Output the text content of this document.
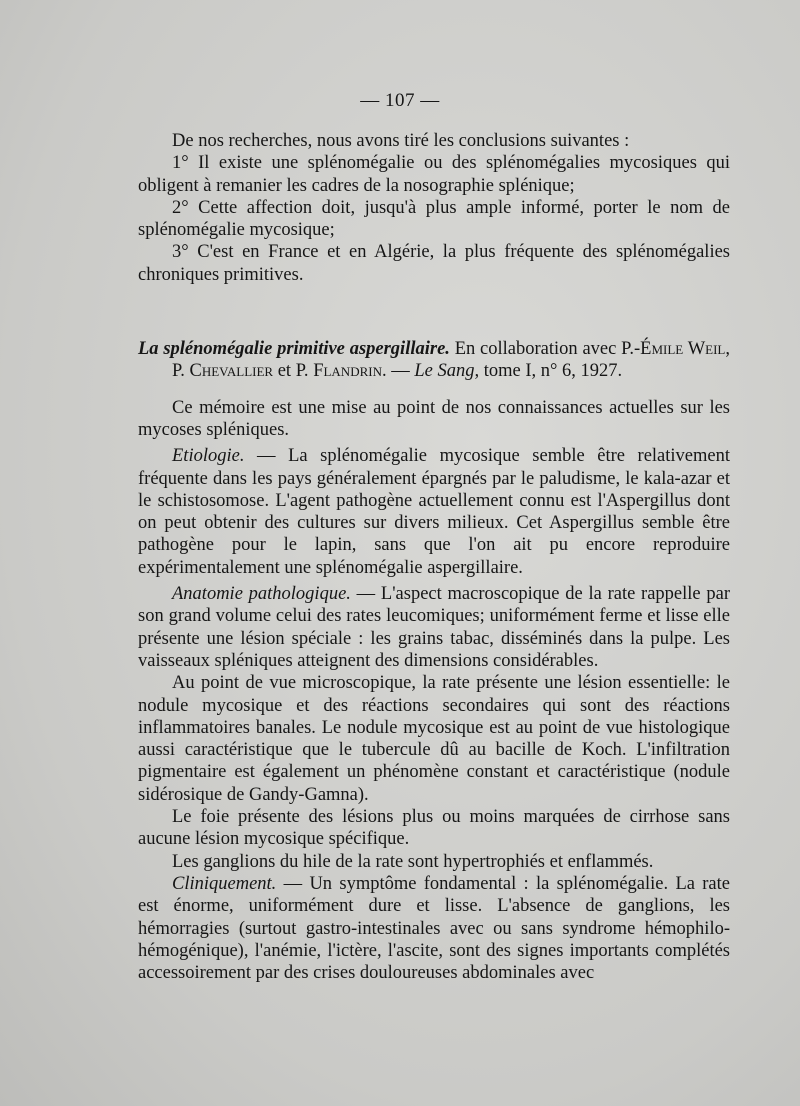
— 107 —

De nos recherches, nous avons tiré les conclusions suivantes :

1° Il existe une splénomégalie ou des splénomégalies mycosiques qui obligent à remanier les cadres de la nosographie splénique;

2° Cette affection doit, jusqu'à plus ample informé, porter le nom de splénomégalie mycosique;

3° C'est en France et en Algérie, la plus fréquente des splénomégalies chroniques primitives.

La splénomégalie primitive aspergillaire. En collaboration avec P.-Émile Weil, P. Chevallier et P. Flandrin. — Le Sang, tome I, n° 6, 1927.

Ce mémoire est une mise au point de nos connaissances actuelles sur les mycoses spléniques.

Etiologie. — La splénomégalie mycosique semble être relativement fréquente dans les pays généralement épargnés par le paludisme, le kala-azar et le schistosomose. L'agent pathogène actuellement connu est l'Aspergillus dont on peut obtenir des cultures sur divers milieux. Cet Aspergillus semble être pathogène pour le lapin, sans que l'on ait pu encore reproduire expérimentalement une splénomégalie aspergillaire.

Anatomie pathologique. — L'aspect macroscopique de la rate rappelle par son grand volume celui des rates leucomiques; uniformément ferme et lisse elle présente une lésion spéciale : les grains tabac, disséminés dans la pulpe. Les vaisseaux spléniques atteignent des dimensions considérables.

Au point de vue microscopique, la rate présente une lésion essentielle: le nodule mycosique et des réactions secondaires qui sont des réactions inflammatoires banales. Le nodule mycosique est au point de vue histologique aussi caractéristique que le tubercule dû au bacille de Koch. L'infiltration pigmentaire est également un phénomène constant et caractéristique (nodule sidérosique de Gandy-Gamna).

Le foie présente des lésions plus ou moins marquées de cirrhose sans aucune lésion mycosique spécifique.

Les ganglions du hile de la rate sont hypertrophiés et enflammés.

Cliniquement. — Un symptôme fondamental : la splénomégalie. La rate est énorme, uniformément dure et lisse. L'absence de ganglions, les hémorragies (surtout gastro-intestinales avec ou sans syndrome hémophilo-hémogénique), l'anémie, l'ictère, l'ascite, sont des signes importants complétés accessoirement par des crises douloureuses abdominales avec
